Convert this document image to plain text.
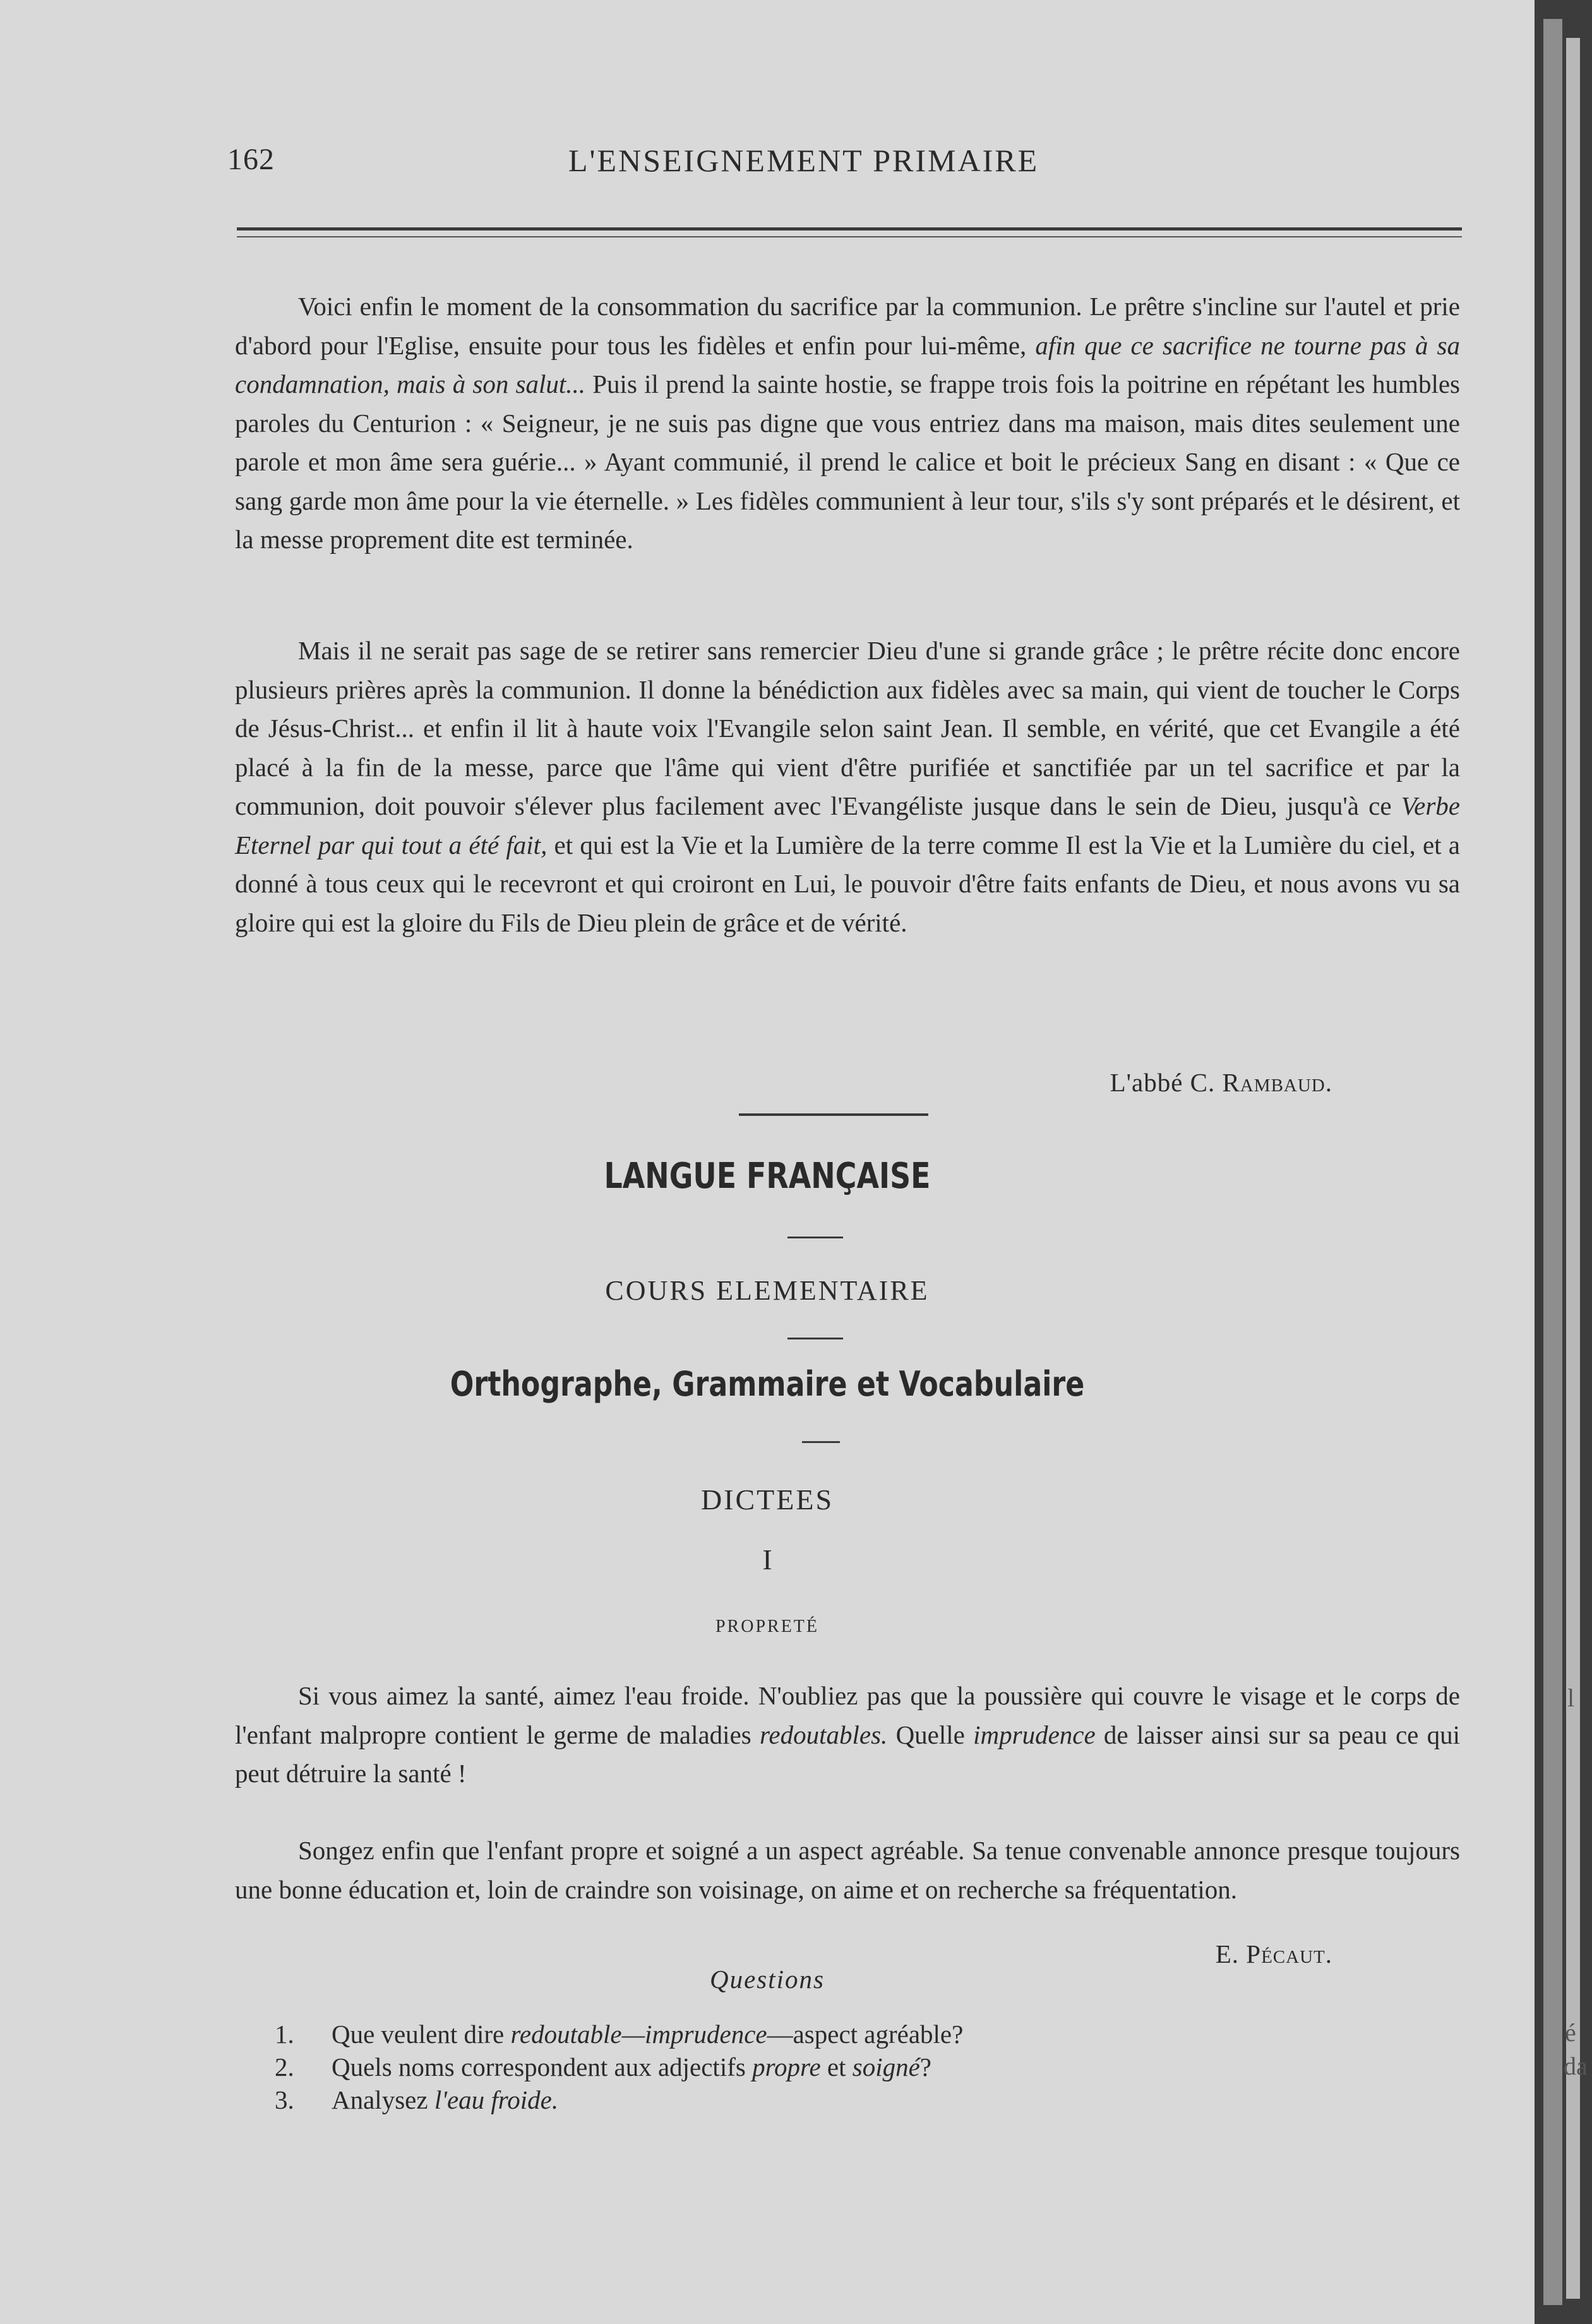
162	L'ENSEIGNEMENT PRIMAIRE

Voici enfin le moment de la consommation du sacrifice par la communion. Le prêtre s'incline sur l'autel et prie d'abord pour l'Eglise, ensuite pour tous les fidèles et enfin pour lui-même, afin que ce sacrifice ne tourne pas à sa condamnation, mais à son salut... Puis il prend la sainte hostie, se frappe trois fois la poitrine en répétant les humbles paroles du Centurion : « Seigneur, je ne suis pas digne que vous entriez dans ma maison, mais dites seulement une parole et mon âme sera guérie... » Ayant communié, il prend le calice et boit le précieux Sang en disant : « Que ce sang garde mon âme pour la vie éternelle. » Les fidèles communient à leur tour, s'ils s'y sont préparés et le désirent, et la messe proprement dite est terminée.

Mais il ne serait pas sage de se retirer sans remercier Dieu d'une si grande grâce ; le prêtre récite donc encore plusieurs prières après la communion. Il donne la bénédiction aux fidèles avec sa main, qui vient de toucher le Corps de Jésus-Christ... et enfin il lit à haute voix l'Evangile selon saint Jean. Il semble, en vérité, que cet Evangile a été placé à la fin de la messe, parce que l'âme qui vient d'être purifiée et sanctifiée par un tel sacrifice et par la communion, doit pouvoir s'élever plus facilement avec l'Evangéliste jusque dans le sein de Dieu, jusqu'à ce Verbe Eternel par qui tout a été fait, et qui est la Vie et la Lumière de la terre comme Il est la Vie et la Lumière du ciel, et a donné à tous ceux qui le recevront et qui croiront en Lui, le pouvoir d'être faits enfants de Dieu, et nous avons vu sa gloire qui est la gloire du Fils de Dieu plein de grâce et de vérité.

L'abbé C. Rambaud.
LANGUE FRANÇAISE
COURS ELEMENTAIRE
Orthographe, Grammaire et Vocabulaire
DICTEES
I
PROPRETÉ

Si vous aimez la santé, aimez l'eau froide. N'oubliez pas que la poussière qui couvre le visage et le corps de l'enfant malpropre contient le germe de maladies redoutables. Quelle imprudence de laisser ainsi sur sa peau ce qui peut détruire la santé !

Songez enfin que l'enfant propre et soigné a un aspect agréable. Sa tenue convenable annonce presque toujours une bonne éducation et, loin de craindre son voisinage, on aime et on recherche sa fréquentation.

E. Pécaut.
Questions
1. Que veulent dire redoutable—imprudence—aspect agréable?
2. Quels noms correspondent aux adjectifs propre et soigné?
3. Analysez l'eau froide.
l
é
da
